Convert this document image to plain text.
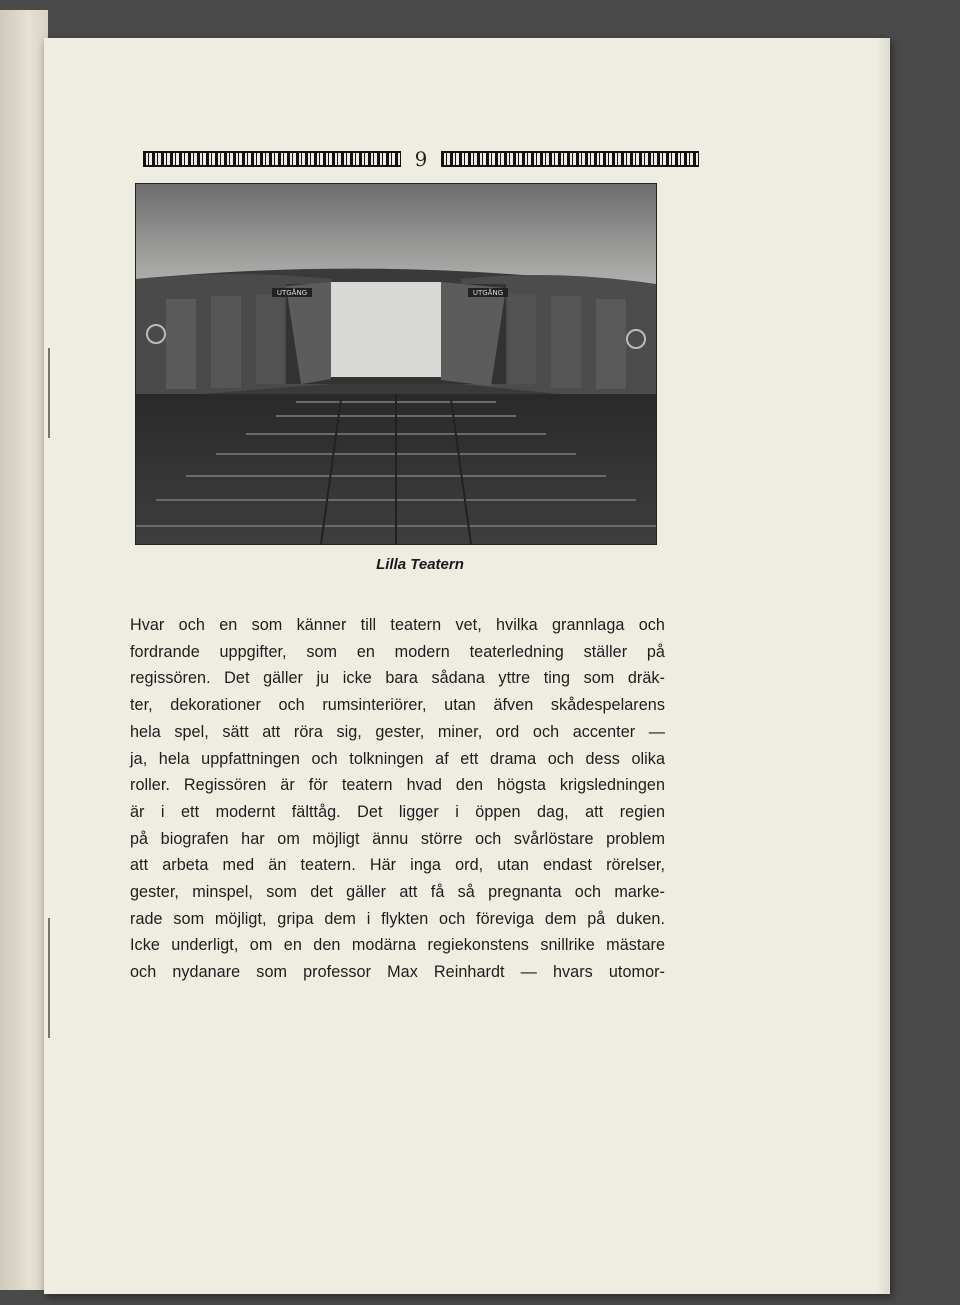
9
UTGÅNG	UTGÅNG
Lilla Teatern
Hvar och en som känner till teatern vet, hvilka grannlaga och
fordrande uppgifter, som en modern teaterledning ställer på
regissören. Det gäller ju icke bara sådana yttre ting som dräk-
ter, dekorationer och rumsinteriörer, utan äfven skådespelarens
hela spel, sätt att röra sig, gester, miner, ord och accenter —
ja, hela uppfattningen och tolkningen af ett drama och dess olika
roller. Regissören är för teatern hvad den högsta krigsledningen
är i ett modernt fälttåg. Det ligger i öppen dag, att regien
på biografen har om möjligt ännu större och svårlöstare problem
att arbeta med än teatern. Här inga ord, utan endast rörelser,
gester, minspel, som det gäller att få så pregnanta och marke-
rade som möjligt, gripa dem i flykten och föreviga dem på duken.
Icke underligt, om en den modärna regiekonstens snillrike mästare
och nydanare som professor Max Reinhardt — hvars utomor-
